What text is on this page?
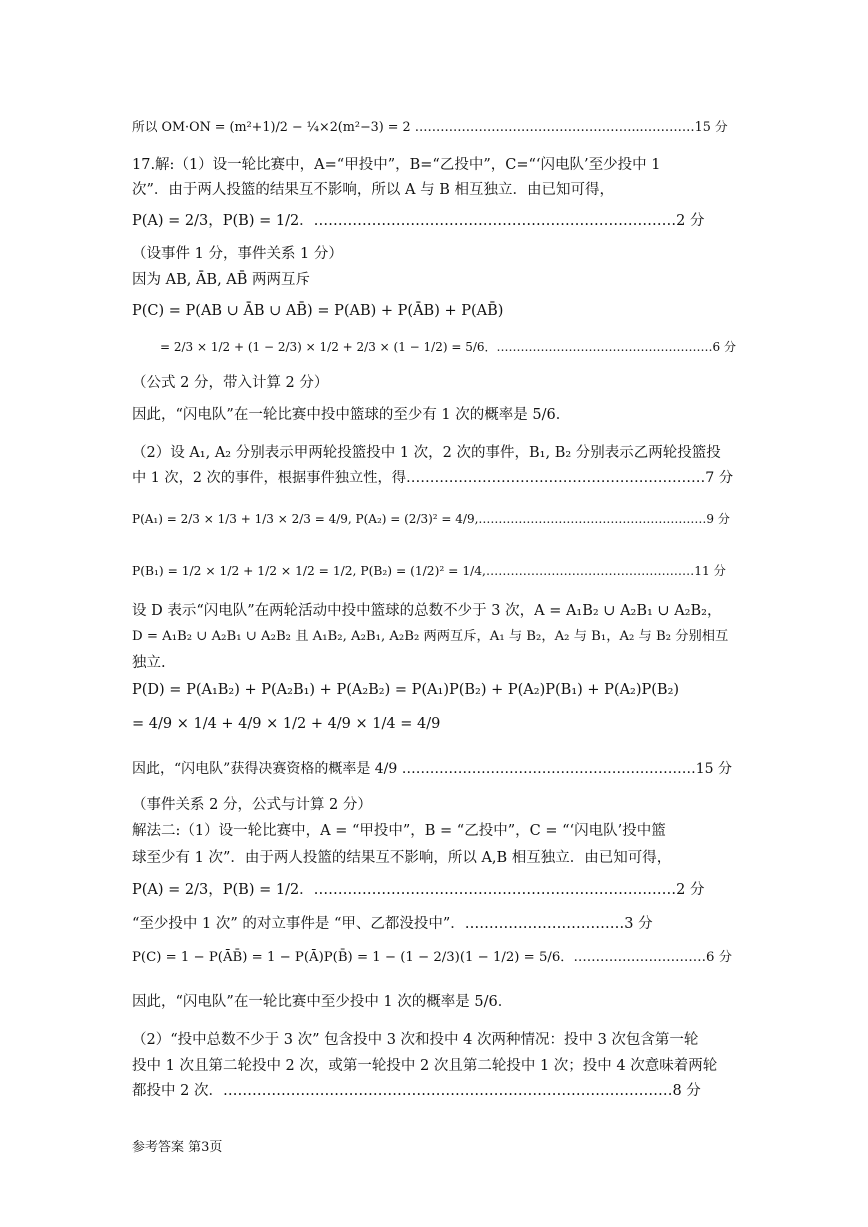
所以 OM·ON = (m²+1)/2 − ¼×2(m²−3) = 2 ……………………………………………...…………15 分
17.解:（1）设一轮比赛中，A=“甲投中”，B=“乙投中”，C=“‘闪电队’至少投中 1
次”．由于两人投篮的结果互不影响，所以 A 与 B 相互独立．由已知可得，
P(A) = 2/3，P(B) = 1/2．…………………………………………………………………2 分
（设事件 1 分，事件关系 1 分）
因为 AB, ĀB, AB̄ 两两互斥
P(C) = P(AB ∪ ĀB ∪ AB̄) = P(AB) + P(ĀB) + P(AB̄)
= 2/3 × 1/2 + (1 − 2/3) × 1/2 + 2/3 × (1 − 1/2) = 5/6．………………………………………………6 分
（公式 2 分，带入计算 2 分）
因此，“闪电队”在一轮比赛中投中篮球的至少有 1 次的概率是 5/6．
（2）设 A₁, A₂ 分别表示甲两轮投篮投中 1 次，2 次的事件，B₁, B₂ 分别表示乙两轮投篮投
中 1 次，2 次的事件，根据事件独立性，得………………………………………………………7 分
P(A₁) = 2/3 × 1/3 + 1/3 × 2/3 = 4/9, P(A₂) = (2/3)² = 4/9,…………………………………………………9 分
P(B₁) = 1/2 × 1/2 + 1/2 × 1/2 = 1/2, P(B₂) = (1/2)² = 1/4,……………………………………………11 分
设 D 表示“闪电队”在两轮活动中投中篮球的总数不少于 3 次，A = A₁B₂ ∪ A₂B₁ ∪ A₂B₂，
D = A₁B₂ ∪ A₂B₁ ∪ A₂B₂ 且 A₁B₂, A₂B₁, A₂B₂ 两两互斥，A₁ 与 B₂，A₂ 与 B₁，A₂ 与 B₂ 分别相互
独立.
P(D) = P(A₁B₂) + P(A₂B₁) + P(A₂B₂) = P(A₁)P(B₂) + P(A₂)P(B₁) + P(A₂)P(B₂)
= 4/9 × 1/4 + 4/9 × 1/2 + 4/9 × 1/4 = 4/9
因此，“闪电队”获得决赛资格的概率是 4/9 ………………………………………………………15 分
（事件关系 2 分，公式与计算 2 分）
解法二:（1）设一轮比赛中，A = “甲投中”，B = “乙投中”，C = “‘闪电队’投中篮
球至少有 1 次”．由于两人投篮的结果互不影响，所以 A,B 相互独立．由已知可得，
P(A) = 2/3，P(B) = 1/2．…………………………………………………………………2 分
“至少投中 1 次” 的对立事件是 “甲、乙都没投中”．……………………………3 分
P(C) = 1 − P(ĀB̄) = 1 − P(Ā)P(B̄) = 1 − (1 − 2/3)(1 − 1/2) = 5/6．…………………………6 分
因此，“闪电队”在一轮比赛中至少投中 1 次的概率是 5/6．
（2）“投中总数不少于 3 次” 包含投中 3 次和投中 4 次两种情况：投中 3 次包含第一轮
投中 1 次且第二轮投中 2 次，或第一轮投中 2 次且第二轮投中 1 次；投中 4 次意味着两轮
都投中 2 次．…………………………………………………………………………………8 分
参考答案 第3页
